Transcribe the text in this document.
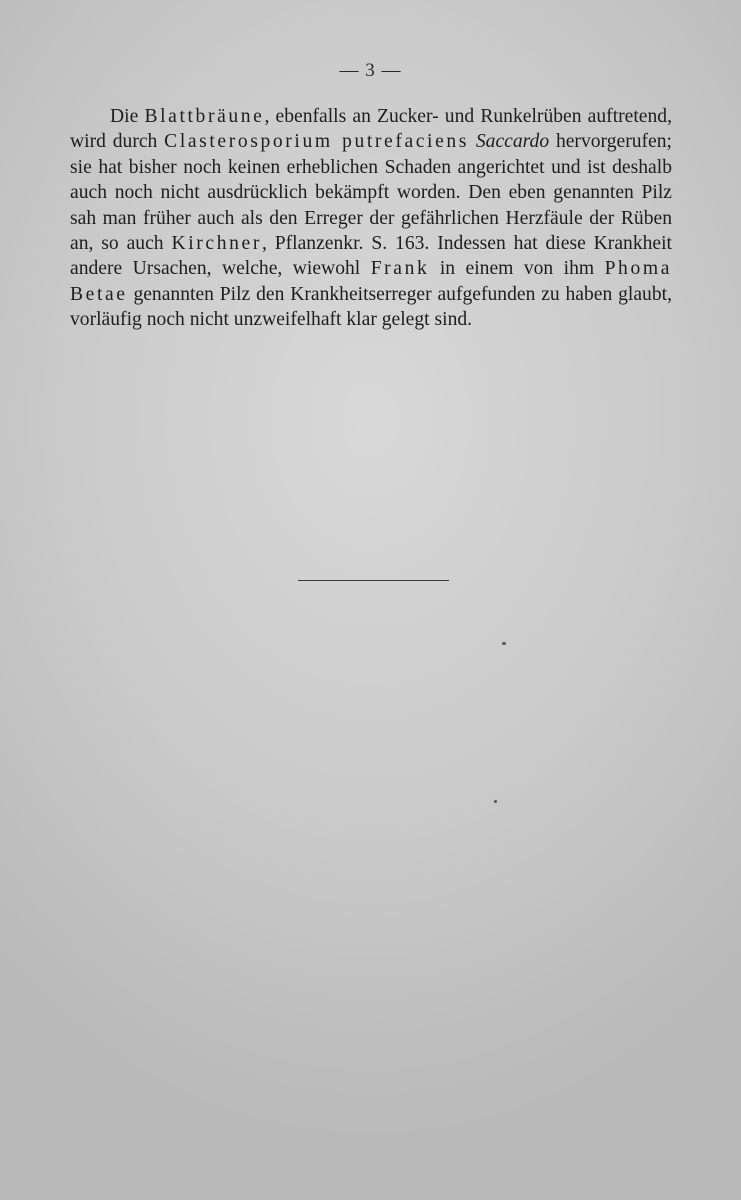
— 3 —

Die Blattbräune, ebenfalls an Zucker- und Runkelrüben auftretend, wird durch Clasterosporium putrefaciens Saccardo hervorgerufen; sie hat bisher noch keinen erheblichen Schaden angerichtet und ist deshalb auch noch nicht ausdrücklich bekämpft worden. Den eben genannten Pilz sah man früher auch als den Erreger der gefährlichen Herzfäule der Rüben an, so auch Kirchner, Pflanzenkr. S. 163. Indessen hat diese Krankheit andere Ursachen, welche, wiewohl Frank in einem von ihm Phoma Betae genannten Pilz den Krankheitserreger aufgefunden zu haben glaubt, vorläufig noch nicht unzweifelhaft klar gelegt sind.
